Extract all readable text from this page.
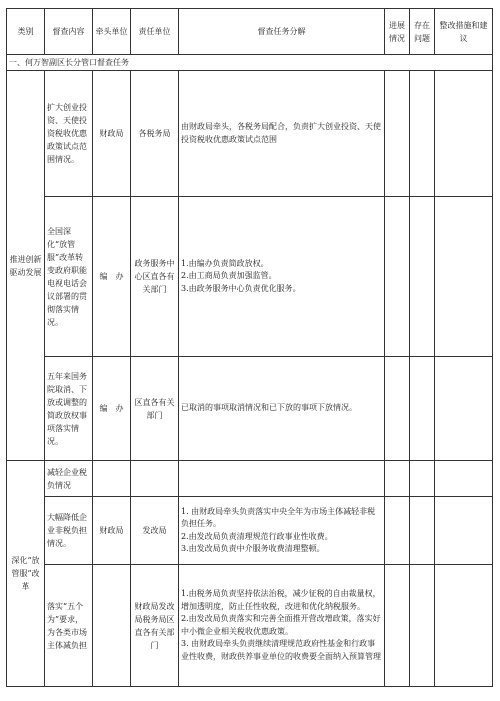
类别	督查内容	牵头单位	责任单位	督查任务分解	进展情况	存在问题	整改措施和建议
一、何万智副区长分管口督查任务							
推进创新驱动发展	扩大创业投资、天使投资税收优惠政策试点范围情况。	财政局	各税务局	由财政局牵头，各税务局配合，负责扩大创业投资、天使投资税收优惠政策试点范围			
	全国深化“放管服”改革转变政府职能电视电话会议部署的贯彻落实情况。	编　办	政务服务中心区直各有关部门	1.由编办负责简政放权。
2.由工商局负责加强监管。
3.由政务服务中心负责优化服务。			
	五年来国务院取消、下放或调整的简政放权事项落实情况。	编　办	区直各有关部门	已取消的事项取消情况和已下放的事项下放情况。			
深化“放管服”改革	减轻企业税负情况						
	大幅降低企业非税负担情况。	财政局	发改局	1. 由财政局牵头负责落实中央全年为市场主体减轻非税负担任务。
2.由发改局负责清理规范行政事业性收费。
3.由发改局负责中介服务收费清理整顿。			
	落实“五个为”要求，为各类市场主体减负担		财政局发改局税务局区直各有关部门	1.由税务局负责坚持依法治税，减少征税的自由裁量权，增加透明度，防止任性收税，改进和优化纳税服务。
2.由发改局负责落实和完善全面推开营改增政策，落实好中小微企业相关税收优惠政策。
3. 由财政局牵头负责继续清理规范政府性基金和行政事业性收费，财政供养事业单位的收费要全面纳入预算管理			
